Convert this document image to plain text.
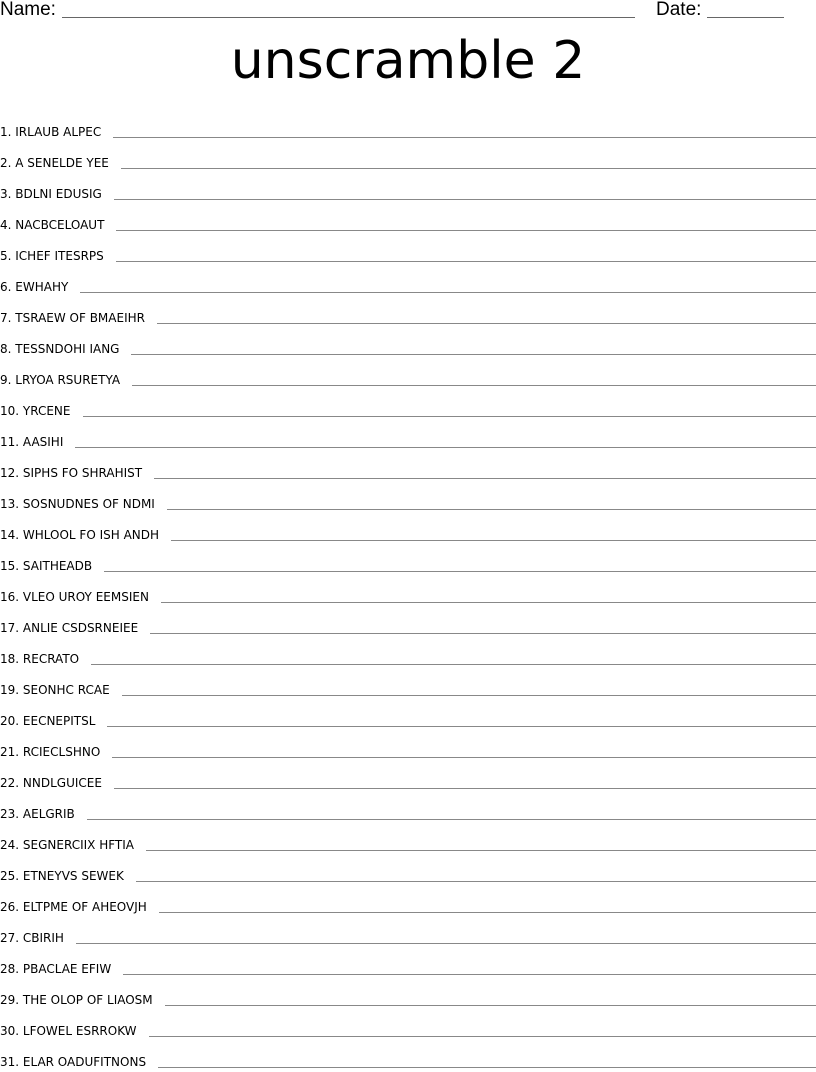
Name:	Date:
unscramble 2
1. IRLAUB ALPEC
2. A SENELDE YEE
3. BDLNI EDUSIG
4. NACBCELOAUT
5. ICHEF ITESRPS
6. EWHAHY
7. TSRAEW OF BMAEIHR
8. TESSNDOHI IANG
9. LRYOA RSURETYA
10. YRCENE
11. AASIHI
12. SIPHS FO SHRAHIST
13. SOSNUDNES OF NDMI
14. WHLOOL FO ISH ANDH
15. SAITHEADB
16. VLEO UROY EEMSIEN
17. ANLIE CSDSRNEIEE
18. RECRATO
19. SEONHC RCAE
20. EECNEPITSL
21. RCIECLSHNO
22. NNDLGUICEE
23. AELGRIB
24. SEGNERCIIX HFTIA
25. ETNEYVS SEWEK
26. ELTPME OF AHEOVJH
27. CBIRIH
28. PBACLAE EFIW
29. THE OLOP OF LIAOSM
30. LFOWEL ESRROKW
31. ELAR OADUFITNONS
